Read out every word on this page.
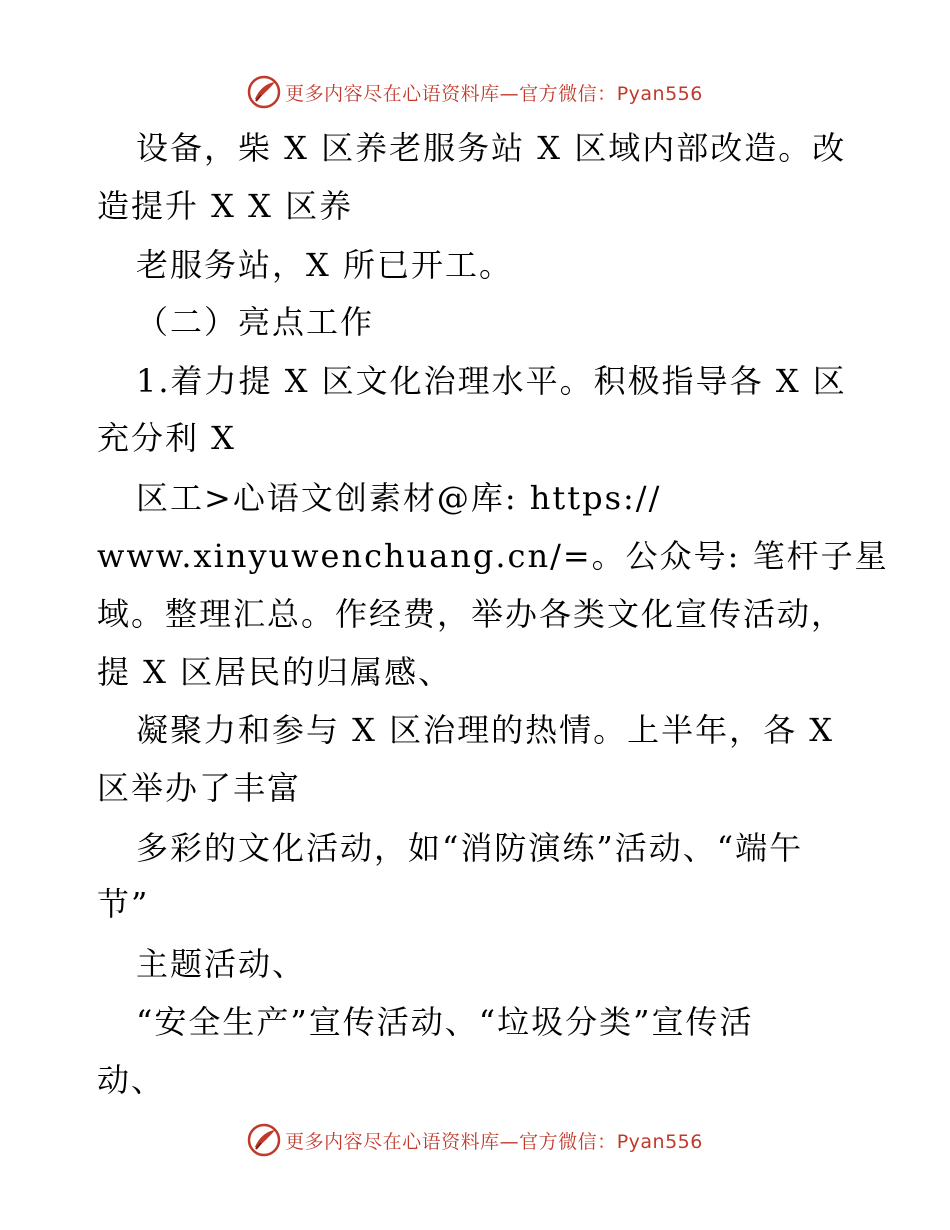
更多内容尽在心语资料库—官方微信：Pyan556
设备，柴 X 区养老服务站 X 区域内部改造。改
造提升 X X 区养
老服务站，X 所已开工。
（二）亮点工作
1.着力提 X 区文化治理水平。积极指导各 X 区
充分利 X
区工>心语文创素材@库: https://
www.xinyuwenchuang.cn/=。公众号: 笔杆子星
域。整理汇总。作经费，举办各类文化宣传活动，
提 X 区居民的归属感、
凝聚力和参与 X 区治理的热情。上半年，各 X
区举办了丰富
多彩的文化活动，如“消防演练”活动、“端午
节”
主题活动、
“安全生产”宣传活动、“垃圾分类”宣传活
动、
更多内容尽在心语资料库—官方微信：Pyan556
